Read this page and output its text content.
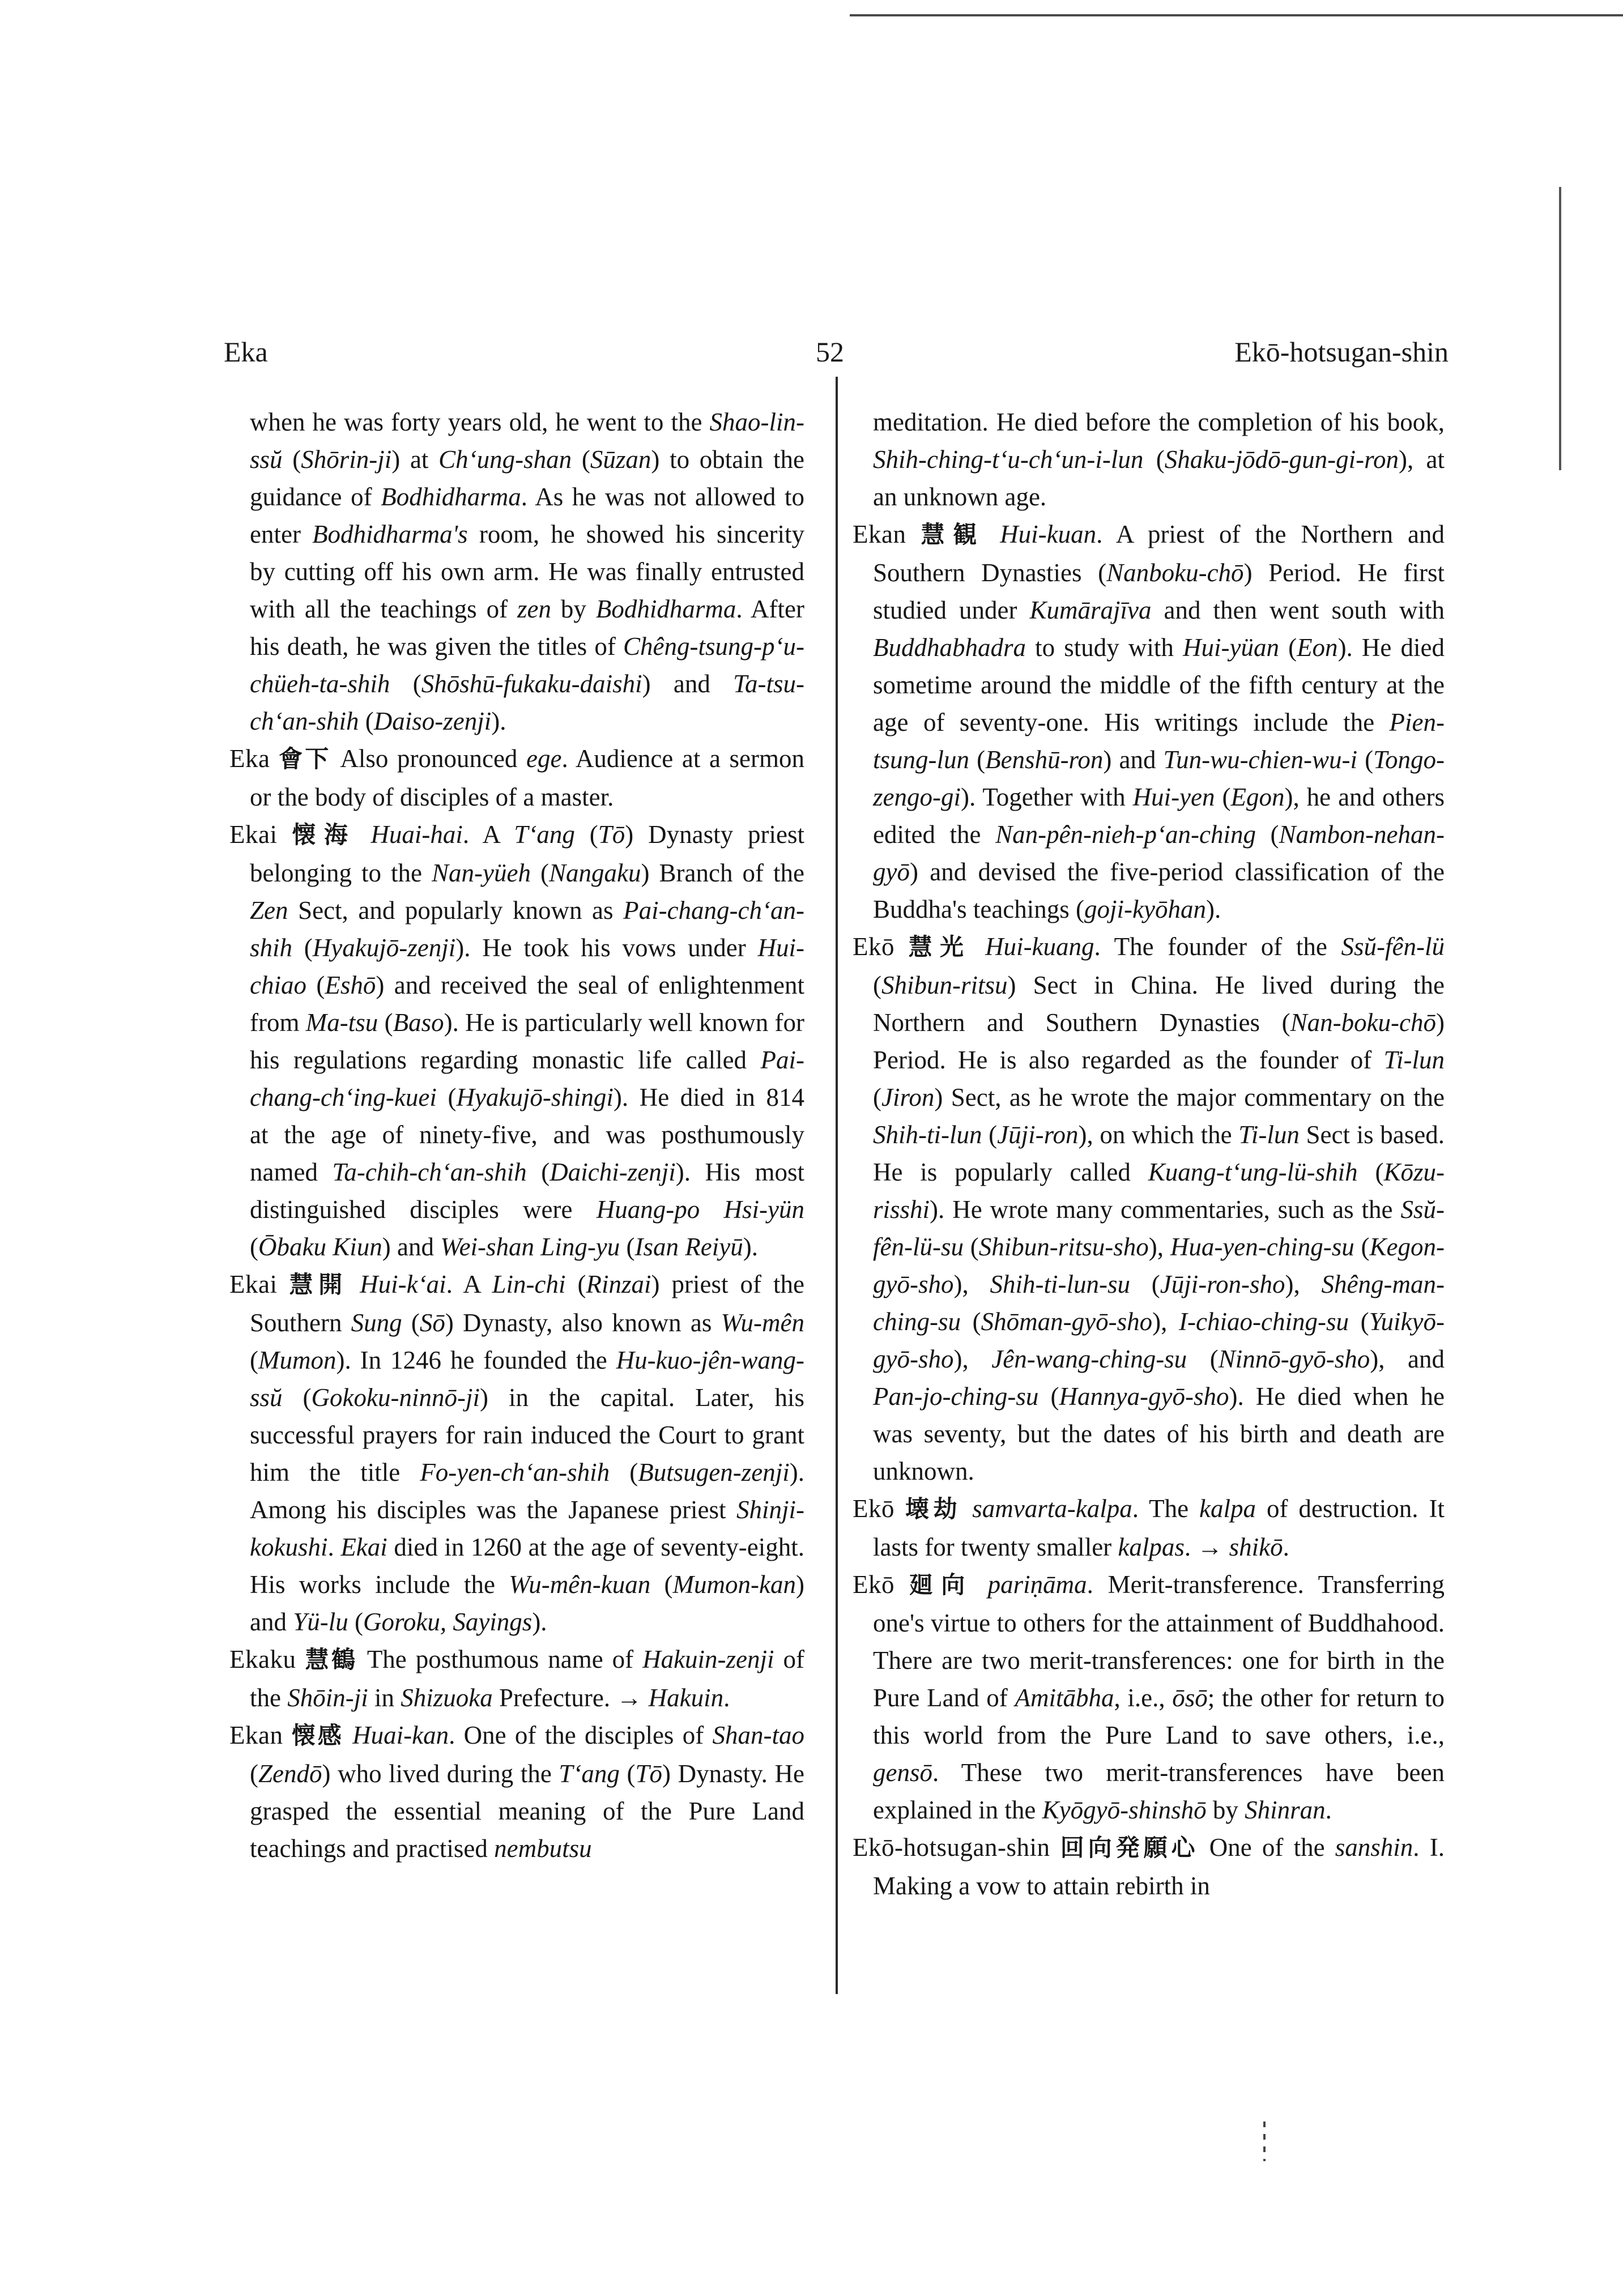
Eka	52	Ekō-hotsugan-shin

when he was forty years old, he went to the Shao-lin-ssŭ (Shōrin-ji) at Ch‘ung-shan (Sūzan) to obtain the guidance of Bodhidharma. As he was not allowed to enter Bodhidharma's room, he showed his sincerity by cutting off his own arm. He was finally entrusted with all the teachings of zen by Bodhidharma. After his death, he was given the titles of Chêng-tsung-p‘u-chüeh-ta-shih (Shōshū-fukaku-daishi) and Ta-tsu-ch‘an-shih (Daiso-zenji).

Eka 會下 Also pronounced ege. Audience at a sermon or the body of disciples of a master.

Ekai 懐海 Huai-hai. A T‘ang (Tō) Dynasty priest belonging to the Nan-yüeh (Nangaku) Branch of the Zen Sect, and popularly known as Pai-chang-ch‘an-shih (Hyakujō-zenji). He took his vows under Hui-chiao (Eshō) and received the seal of enlightenment from Ma-tsu (Baso). He is particularly well known for his regulations regarding monastic life called Pai-chang-ch‘ing-kuei (Hyakujō-shingi). He died in 814 at the age of ninety-five, and was posthumously named Ta-chih-ch‘an-shih (Daichi-zenji). His most distinguished disciples were Huang-po Hsi-yün (Ōbaku Kiun) and Wei-shan Ling-yu (Isan Reiyū).

Ekai 慧開 Hui-k‘ai. A Lin-chi (Rinzai) priest of the Southern Sung (Sō) Dynasty, also known as Wu-mên (Mumon). In 1246 he founded the Hu-kuo-jên-wang-ssŭ (Gokoku-ninnō-ji) in the capital. Later, his successful prayers for rain induced the Court to grant him the title Fo-yen-ch‘an-shih (Butsugen-zenji). Among his disciples was the Japanese priest Shinji-kokushi. Ekai died in 1260 at the age of seventy-eight. His works include the Wu-mên-kuan (Mumon-kan) and Yü-lu (Goroku, Sayings).

Ekaku 慧鶴 The posthumous name of Hakuin-zenji of the Shōin-ji in Shizuoka Prefecture. → Hakuin.

Ekan 懐感 Huai-kan. One of the disciples of Shan-tao (Zendō) who lived during the T‘ang (Tō) Dynasty. He grasped the essential meaning of the Pure Land teachings and practised nembutsu

meditation. He died before the completion of his book, Shih-ching-t‘u-ch‘un-i-lun (Shaku-jōdō-gun-gi-ron), at an unknown age.

Ekan 慧観 Hui-kuan. A priest of the Northern and Southern Dynasties (Nanboku-chō) Period. He first studied under Kumārajīva and then went south with Buddhabhadra to study with Hui-yüan (Eon). He died sometime around the middle of the fifth century at the age of seventy-one. His writings include the Pien-tsung-lun (Benshū-ron) and Tun-wu-chien-wu-i (Tongo-zengo-gi). Together with Hui-yen (Egon), he and others edited the Nan-pên-nieh-p‘an-ching (Nambon-nehan-gyō) and devised the five-period classification of the Buddha's teachings (goji-kyōhan).

Ekō 慧光 Hui-kuang. The founder of the Ssŭ-fên-lü (Shibun-ritsu) Sect in China. He lived during the Northern and Southern Dynasties (Nan-boku-chō) Period. He is also regarded as the founder of Ti-lun (Jiron) Sect, as he wrote the major commentary on the Shih-ti-lun (Jūji-ron), on which the Ti-lun Sect is based. He is popularly called Kuang-t‘ung-lü-shih (Kōzu-risshi). He wrote many commentaries, such as the Ssŭ-fên-lü-su (Shibun-ritsu-sho), Hua-yen-ching-su (Kegon-gyō-sho), Shih-ti-lun-su (Jūji-ron-sho), Shêng-man-ching-su (Shōman-gyō-sho), I-chiao-ching-su (Yuikyō-gyō-sho), Jên-wang-ching-su (Ninnō-gyō-sho), and Pan-jo-ching-su (Hannya-gyō-sho). He died when he was seventy, but the dates of his birth and death are unknown.

Ekō 壊劫 samvarta-kalpa. The kalpa of destruction. It lasts for twenty smaller kalpas. → shikō.

Ekō 廻向 pariṇāma. Merit-transference. Transferring one's virtue to others for the attainment of Buddhahood. There are two merit-transferences: one for birth in the Pure Land of Amitābha, i.e., ōsō; the other for return to this world from the Pure Land to save others, i.e., gensō. These two merit-transferences have been explained in the Kyōgyō-shinshō by Shinran.

Ekō-hotsugan-shin 回向発願心 One of the sanshin. I. Making a vow to attain rebirth in
